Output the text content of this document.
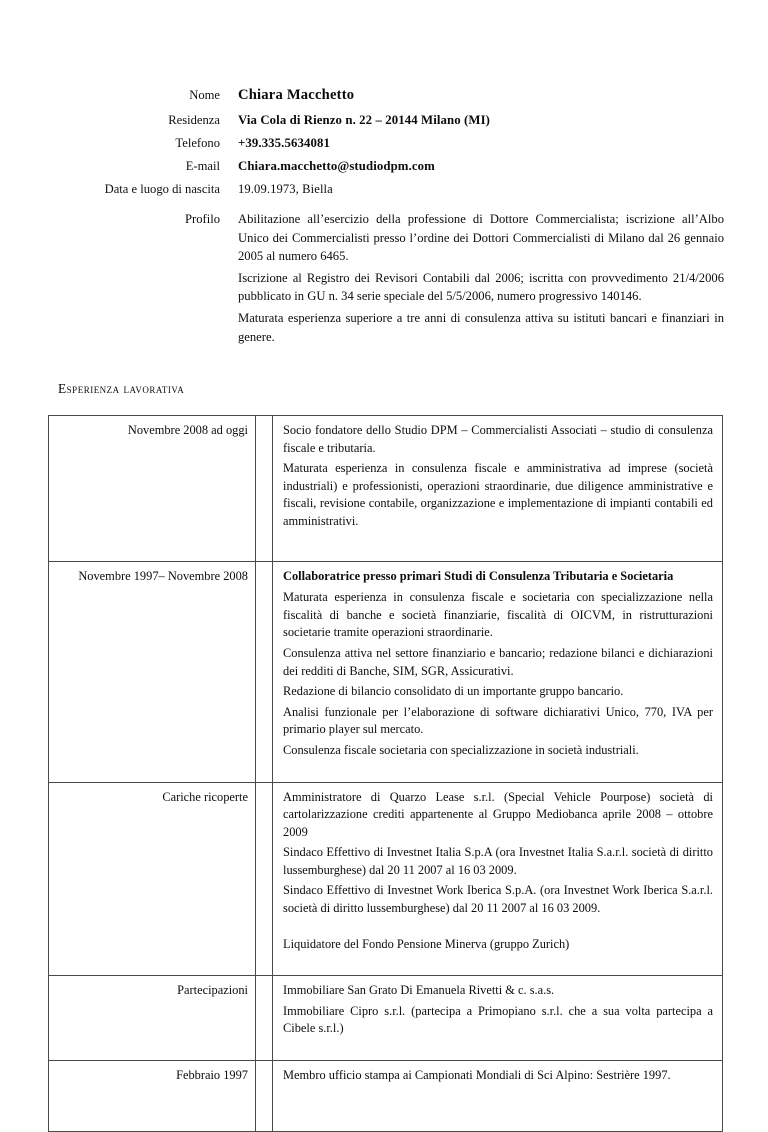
Nome	Chiara Macchetto
Residenza	Via Cola di Rienzo n. 22 – 20144 Milano (MI)
Telefono	+39.335.5634081
E-mail	Chiara.macchetto@studiodpm.com
Data e luogo di nascita	19.09.1973, Biella
Profilo	Abilitazione all’esercizio della professione di Dottore Commercialista; iscrizione all’Albo Unico dei Commercialisti presso l’ordine dei Dottori Commercialisti di Milano dal 26 gennaio 2005 al numero 6465.

Iscrizione al Registro dei Revisori Contabili dal 2006; iscritta con provvedimento 21/4/2006 pubblicato in GU n. 34 serie speciale del 5/5/2006, numero progressivo 140146.

Maturata esperienza superiore a tre anni di consulenza attiva su istituti bancari e finanziari in genere.

Esperienza lavorativa
Novembre 2008 ad oggi		Socio fondatore dello Studio DPM – Commercialisti Associati – studio di consulenza fiscale e tributaria.

Maturata esperienza in consulenza fiscale e amministrativa ad imprese (società industriali) e professionisti, operazioni straordinarie, due diligence amministrative e fiscali, revisione contabile, organizzazione e implementazione di impianti contabili ed amministrativi.

Novembre 1997– Novembre 2008		Collaboratrice presso primari Studi di Consulenza Tributaria e Societaria

Maturata esperienza in consulenza fiscale e societaria con specializzazione nella fiscalità di banche e società finanziarie, fiscalità di OICVM, in ristrutturazioni societarie tramite operazioni straordinarie.

Consulenza attiva nel settore finanziario e bancario; redazione bilanci e dichiarazioni dei redditi di Banche, SIM, SGR, Assicurativi.

Redazione di bilancio consolidato di un importante gruppo bancario.

Analisi funzionale per l’elaborazione di software dichiarativi Unico, 770, IVA per primario player sul mercato.

Consulenza fiscale societaria con specializzazione in società industriali.

Cariche ricoperte		Amministratore di Quarzo Lease s.r.l. (Special Vehicle Pourpose) società di cartolarizzazione crediti appartenente al Gruppo Mediobanca aprile 2008 – ottobre 2009

Sindaco Effettivo di Investnet Italia S.p.A (ora Investnet Italia S.a.r.l. società di diritto lussemburghese) dal 20 11 2007 al 16 03 2009.

Sindaco Effettivo di Investnet Work Iberica S.p.A. (ora Investnet Work Iberica S.a.r.l. società di diritto lussemburghese) dal 20 11 2007 al 16 03 2009.

Liquidatore del Fondo Pensione Minerva (gruppo Zurich)

Partecipazioni		Immobiliare San Grato Di Emanuela Rivetti & c. s.a.s.

Immobiliare Cipro s.r.l. (partecipa a Primopiano s.r.l. che a sua volta partecipa a Cibele s.r.l.)

Febbraio 1997		Membro ufficio stampa ai Campionati Mondiali di Sci Alpino: Sestrière 1997.
